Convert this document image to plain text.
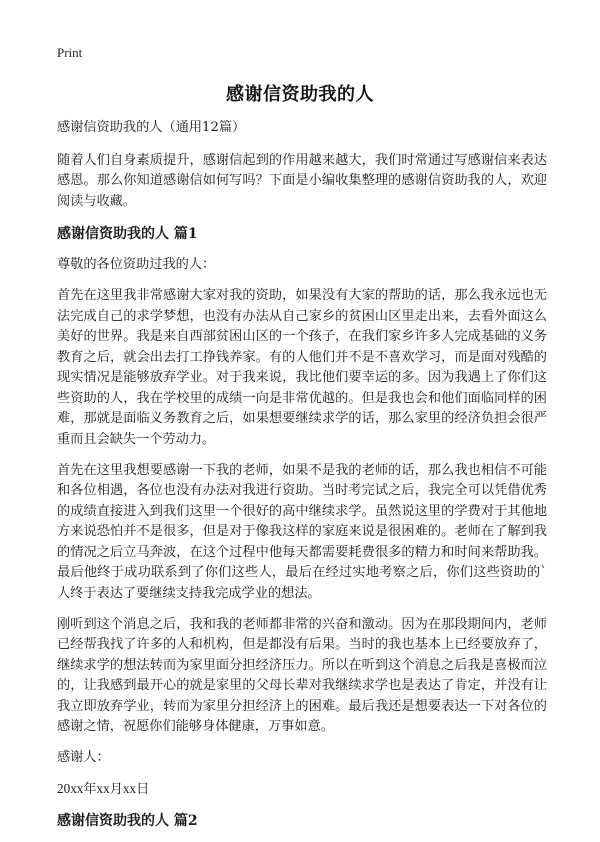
Print
感谢信资助我的人

感谢信资助我的人（通用12篇）

随着人们自身素质提升，感谢信起到的作用越来越大，我们时常通过写感谢信来表达感恩。那么你知道感谢信如何写吗？下面是小编收集整理的感谢信资助我的人，欢迎阅读与收藏。

感谢信资助我的人 篇1

尊敬的各位资助过我的人：

首先在这里我非常感谢大家对我的资助，如果没有大家的帮助的话，那么我永远也无法完成自己的求学梦想，也没有办法从自己家乡的贫困山区里走出来，去看外面这么美好的世界。我是来自西部贫困山区的一个孩子，在我们家乡许多人完成基础的义务教育之后，就会出去打工挣钱养家。有的人他们并不是不喜欢学习，而是面对残酷的现实情况是能够放弃学业。对于我来说，我比他们要幸运的多。因为我遇上了你们这些资助的人，我在学校里的成绩一向是非常优越的。但是我也会和他们面临同样的困难，那就是面临义务教育之后，如果想要继续求学的话，那么家里的经济负担会很严重而且会缺失一个劳动力。

首先在这里我想要感谢一下我的老师，如果不是我的老师的话，那么我也相信不可能和各位相遇，各位也没有办法对我进行资助。当时考完试之后，我完全可以凭借优秀的成绩直接进入到我们这里一个很好的高中继续求学。虽然说这里的学费对于其他地方来说恐怕并不是很多，但是对于像我这样的家庭来说是很困难的。老师在了解到我的情况之后立马奔波，在这个过程中他每天都需要耗费很多的精力和时间来帮助我。最后他终于成功联系到了你们这些人，最后在经过实地考察之后，你们这些资助的`人终于表达了要继续支持我完成学业的想法。

刚听到这个消息之后，我和我的老师都非常的兴奋和激动。因为在那段期间内，老师已经帮我找了许多的人和机构，但是都没有后果。当时的我也基本上已经要放弃了，继续求学的想法转而为家里面分担经济压力。所以在听到这个消息之后我是喜极而泣的，让我感到最开心的就是家里的父母长辈对我继续求学也是表达了肯定，并没有让我立即放弃学业，转而为家里分担经济上的困难。最后我还是想要表达一下对各位的感谢之情，祝愿你们能够身体健康，万事如意。

感谢人：

20xx年xx月xx日

感谢信资助我的人 篇2
